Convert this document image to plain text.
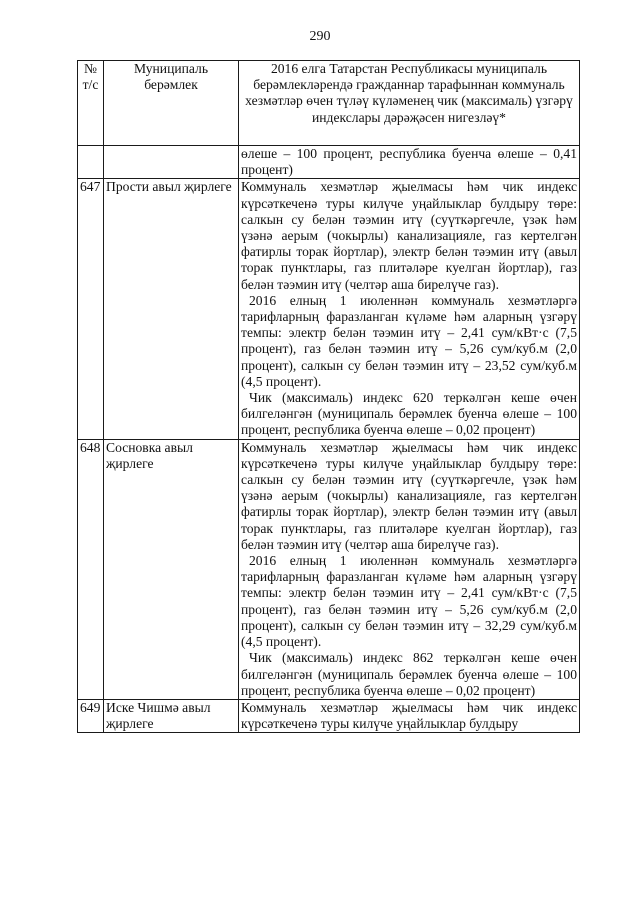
290
№ т/с	Муниципаль берәмлек	2016 елга Татарстан Республикасы муниципаль берәмлекләрендә гражданнар тарафыннан коммуналь хезмәтләр өчен түләү күләменең чик (максималь) үзгәрү индекслары дәрәҗәсен нигезләү*

		өлеше – 100 процент, республика буенча өлеше – 0,41 процент)

647	Прости авыл җирлеге	Коммуналь хезмәтләр җыелмасы һәм чик индекс күрсәткеченә туры килүче уңайлыклар булдыру төре: салкын су белән тәэмин итү (суүткәргечле, үзәк һәм үзәнә аерым (чокырлы) канализацияле, газ кертелгән фатирлы торак йортлар), электр белән тәэмин итү (авыл торак пунктлары, газ плитәләре куелган йортлар), газ белән тәэмин итү (челтәр аша бирелүче газ).
2016 елның 1 июленнән коммуналь хезмәтләргә тарифларның фаразланган күләме һәм аларның үзгәрү темпы: электр белән тәэмин итү – 2,41 сум/кВт·с (7,5 процент), газ белән тәэмин итү – 5,26 сум/куб.м (2,0 процент), салкын су белән тәэмин итү – 23,52 сум/куб.м (4,5 процент).
Чик (максималь) индекс 620 теркәлгән кеше өчен билгеләнгән (муниципаль берәмлек буенча өлеше – 100 процент, республика буенча өлеше – 0,02 процент)

648	Сосновка авыл җирлеге	Коммуналь хезмәтләр җыелмасы һәм чик индекс күрсәткеченә туры килүче уңайлыклар булдыру төре: салкын су белән тәэмин итү (суүткәргечле, үзәк һәм үзәнә аерым (чокырлы) канализацияле, газ кертелгән фатирлы торак йортлар), электр белән тәэмин итү (авыл торак пунктлары, газ плитәләре куелган йортлар), газ белән тәэмин итү (челтәр аша бирелүче газ).
2016 елның 1 июленнән коммуналь хезмәтләргә тарифларның фаразланган күләме һәм аларның үзгәрү темпы: электр белән тәэмин итү – 2,41 сум/кВт·с (7,5 процент), газ белән тәэмин итү – 5,26 сум/куб.м (2,0 процент), салкын су белән тәэмин итү – 32,29 сум/куб.м (4,5 процент).
Чик (максималь) индекс 862 теркәлгән кеше өчен билгеләнгән (муниципаль берәмлек буенча өлеше – 100 процент, республика буенча өлеше – 0,02 процент)

649	Иске Чишмә авыл җирлеге	Коммуналь хезмәтләр җыелмасы һәм чик индекс күрсәткеченә туры килүче уңайлыклар булдыру
